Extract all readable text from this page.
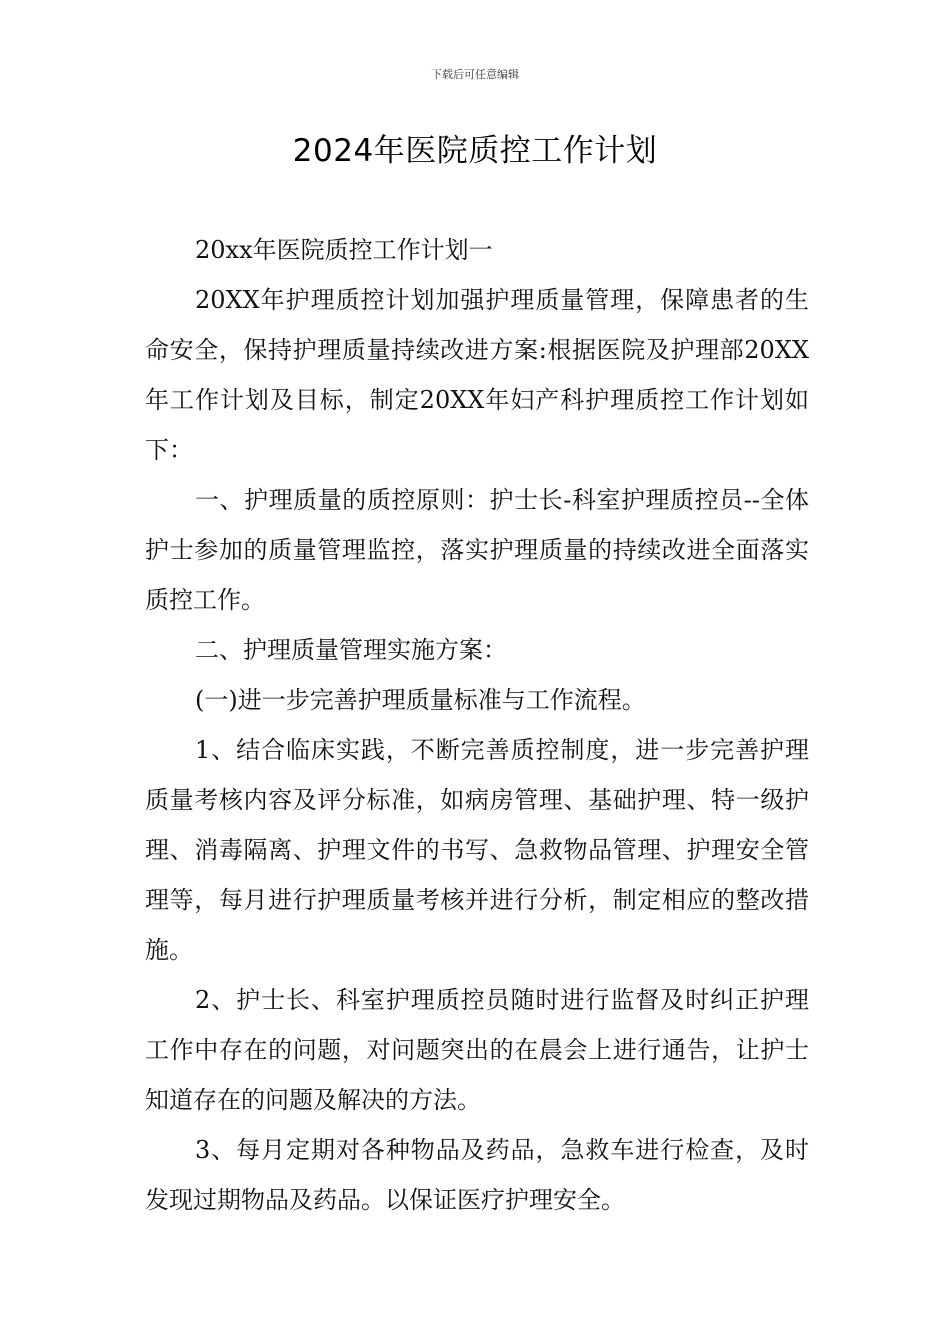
下载后可任意编辑
2024年医院质控工作计划

20xx年医院质控工作计划一

20XX年护理质控计划加强护理质量管理，保障患者的生命安全，保持护理质量持续改进方案:根据医院及护理部20XX年工作计划及目标，制定20XX年妇产科护理质控工作计划如下：

一、护理质量的质控原则：护士长-科室护理质控员--全体护士参加的质量管理监控，落实护理质量的持续改进全面落实质控工作。

二、护理质量管理实施方案：

(一)进一步完善护理质量标准与工作流程。

1、结合临床实践，不断完善质控制度，进一步完善护理质量考核内容及评分标准，如病房管理、基础护理、特一级护理、消毒隔离、护理文件的书写、急救物品管理、护理安全管理等，每月进行护理质量考核并进行分析，制定相应的整改措施。

2、护士长、科室护理质控员随时进行监督及时纠正护理工作中存在的问题，对问题突出的在晨会上进行通告，让护士知道存在的问题及解决的方法。

3、每月定期对各种物品及药品，急救车进行检查，及时发现过期物品及药品。以保证医疗护理安全。
